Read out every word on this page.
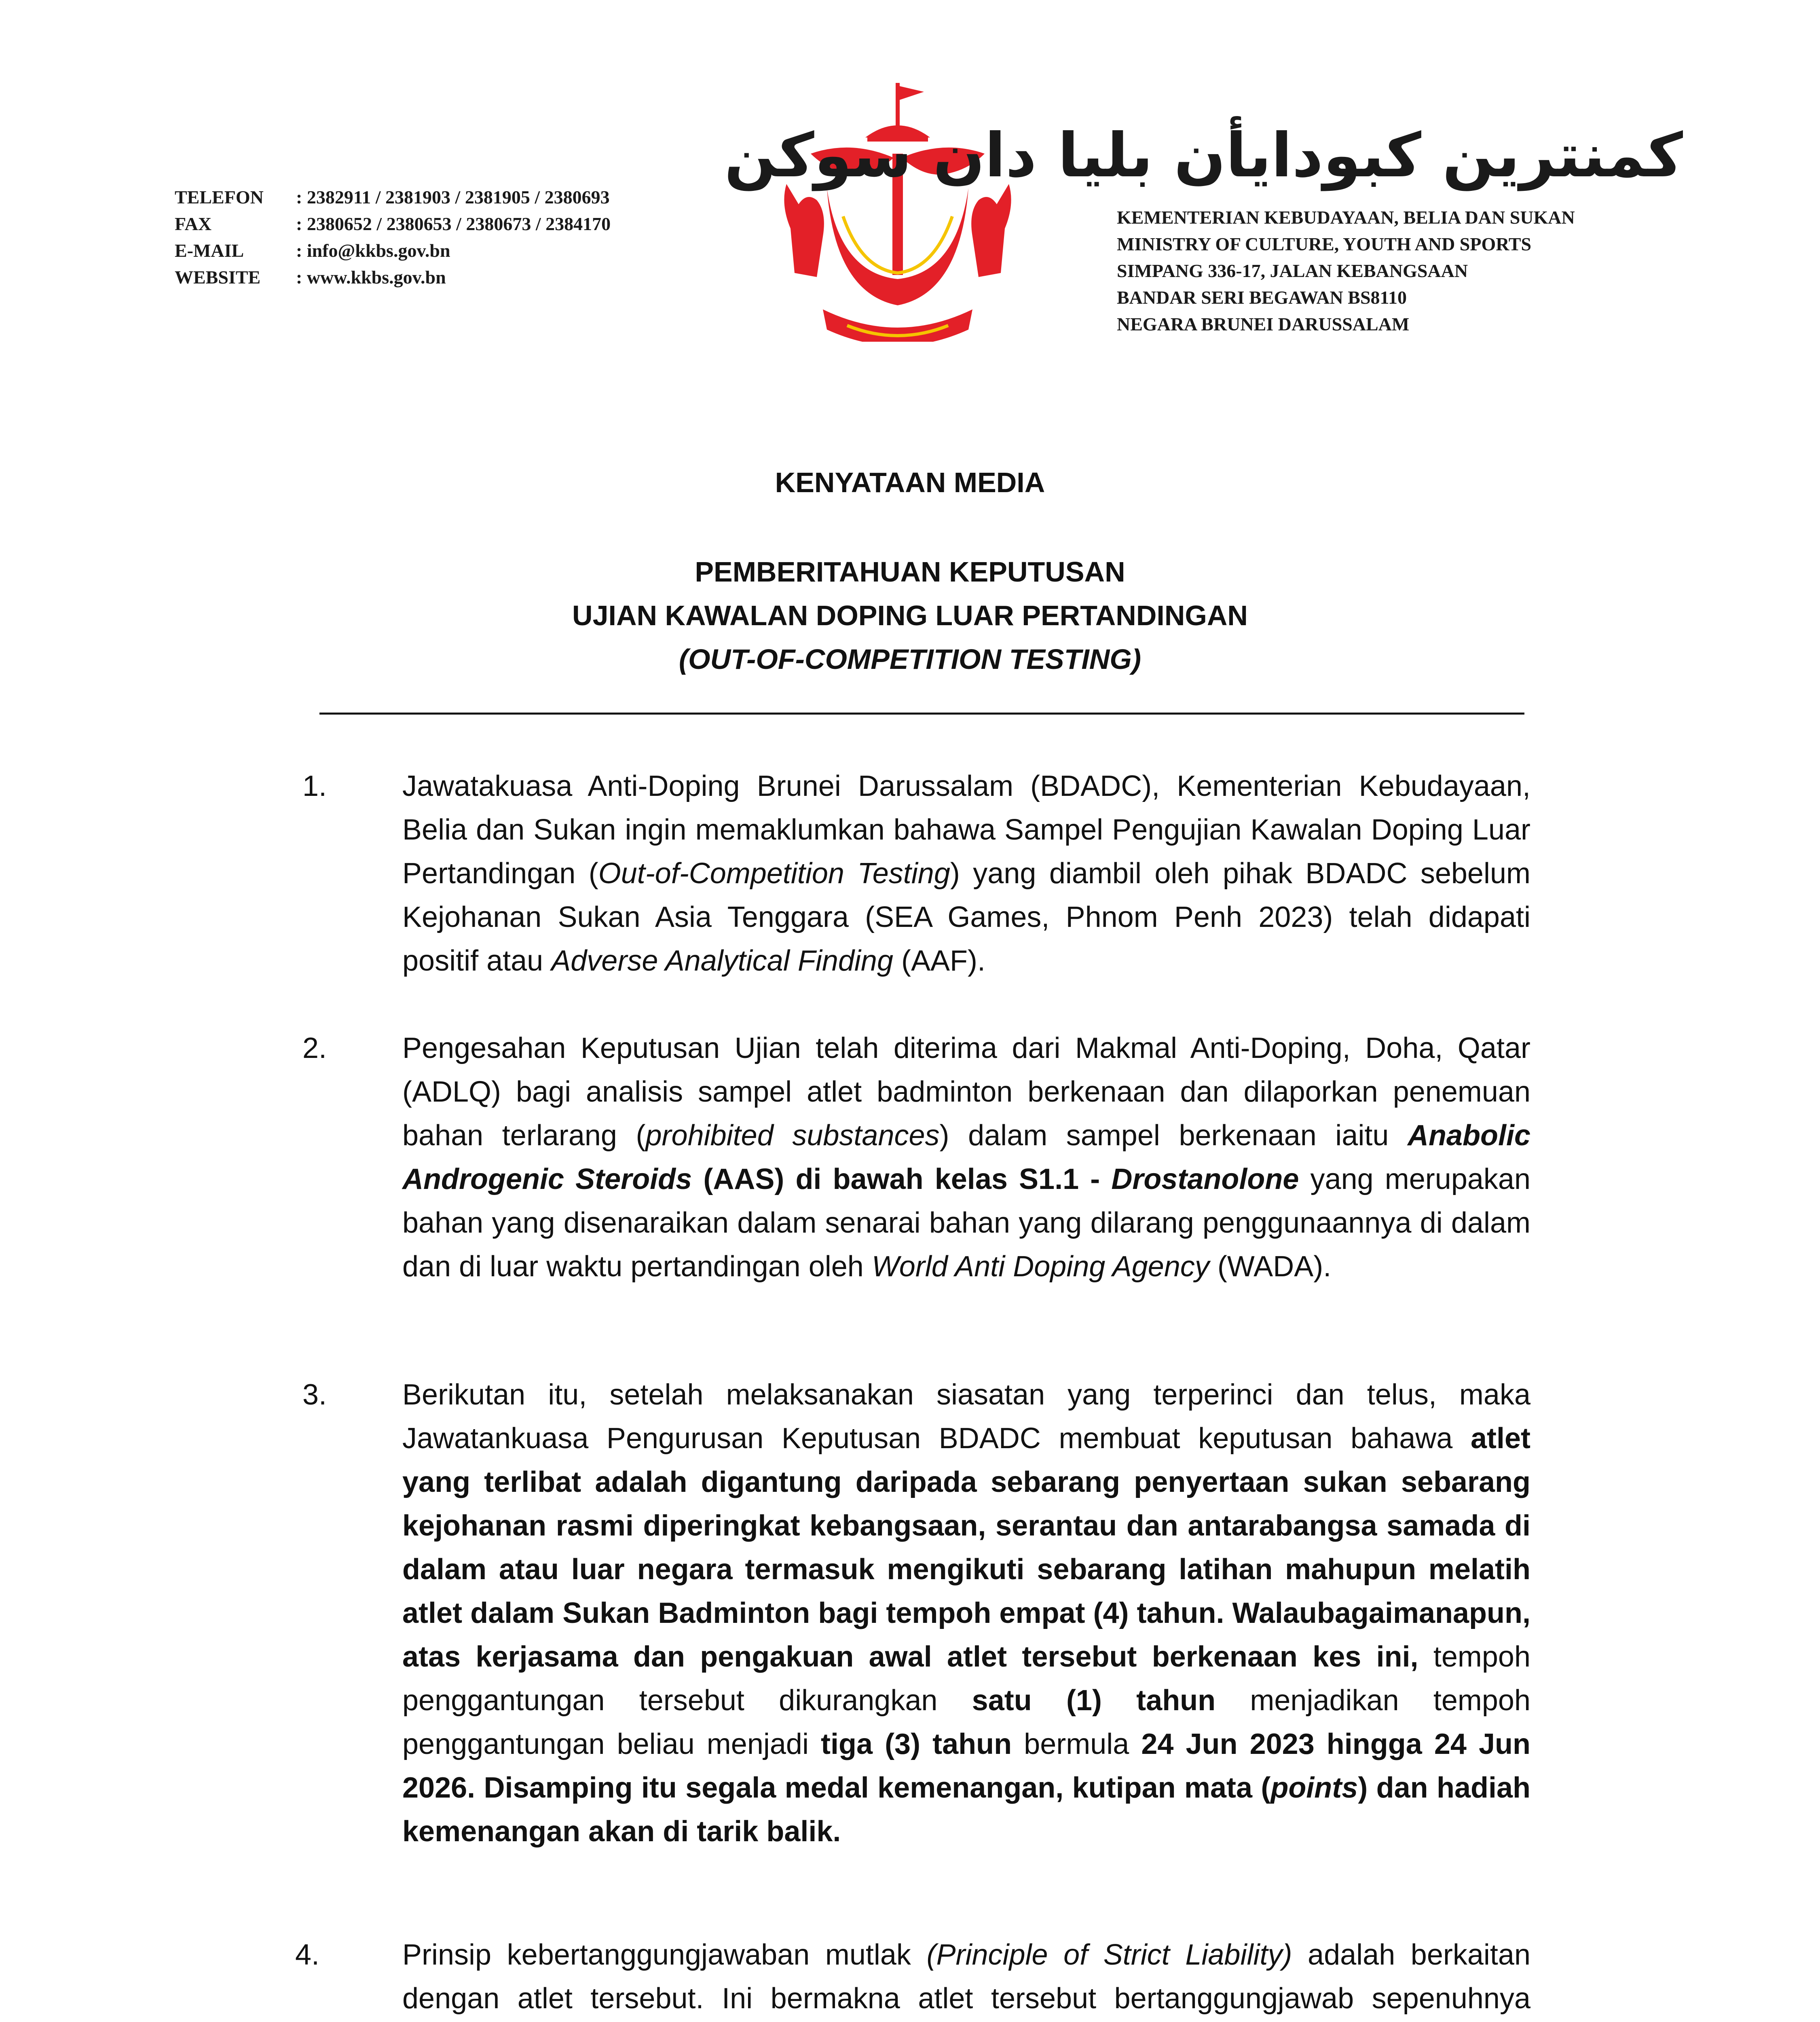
TELEFON	: 2382911 / 2381903 / 2381905 / 2380693
FAX	: 2380652 / 2380653 / 2380673 / 2384170
E-MAIL	: info@kkbs.gov.bn
WEBSITE	: www.kkbs.gov.bn
كمنترين كبودايأن بليا دان سوكن
KEMENTERIAN KEBUDAYAAN, BELIA DAN SUKAN
MINISTRY OF CULTURE, YOUTH AND SPORTS
SIMPANG 336-17, JALAN KEBANGSAAN
BANDAR SERI BEGAWAN BS8110
NEGARA BRUNEI DARUSSALAM
KENYATAAN MEDIA
PEMBERITAHUAN KEPUTUSAN
UJIAN KAWALAN DOPING LUAR PERTANDINGAN
(OUT-OF-COMPETITION TESTING)
1.	Jawatakuasa Anti-Doping Brunei Darussalam (BDADC), Kementerian Kebudayaan, Belia dan Sukan ingin memaklumkan bahawa Sampel Pengujian Kawalan Doping Luar Pertandingan (Out-of-Competition Testing) yang diambil oleh pihak BDADC sebelum Kejohanan Sukan Asia Tenggara (SEA Games, Phnom Penh 2023) telah didapati positif atau Adverse Analytical Finding (AAF).

2.	Pengesahan Keputusan Ujian telah diterima dari Makmal Anti-Doping, Doha, Qatar (ADLQ) bagi analisis sampel atlet badminton berkenaan dan dilaporkan penemuan bahan terlarang (prohibited substances) dalam sampel berkenaan iaitu Anabolic Androgenic Steroids (AAS) di bawah kelas S1.1 - Drostanolone yang merupakan bahan yang disenaraikan dalam senarai bahan yang dilarang penggunaannya di dalam dan di luar waktu pertandingan oleh World Anti Doping Agency (WADA).

3.	Berikutan itu, setelah melaksanakan siasatan yang terperinci dan telus, maka Jawatankuasa Pengurusan Keputusan BDADC membuat keputusan bahawa atlet yang terlibat adalah digantung daripada sebarang penyertaan sukan sebarang kejohanan rasmi diperingkat kebangsaan, serantau dan antarabangsa samada di dalam atau luar negara termasuk mengikuti sebarang latihan mahupun melatih atlet dalam Sukan Badminton bagi tempoh empat (4) tahun. Walaubagaimanapun, atas kerjasama dan pengakuan awal atlet tersebut berkenaan kes ini, tempoh penggantungan tersebut dikurangkan satu (1) tahun menjadikan tempoh penggantungan beliau menjadi tiga (3) tahun bermula 24 Jun 2023 hingga 24 Jun 2026. Disamping itu segala medal kemenangan, kutipan mata (points) dan hadiah kemenangan akan di tarik balik.

4.	Prinsip kebertanggungjawaban mutlak (Principle of Strict Liability) adalah berkaitan dengan atlet tersebut. Ini bermakna atlet tersebut bertanggungjawab sepenuhnya
